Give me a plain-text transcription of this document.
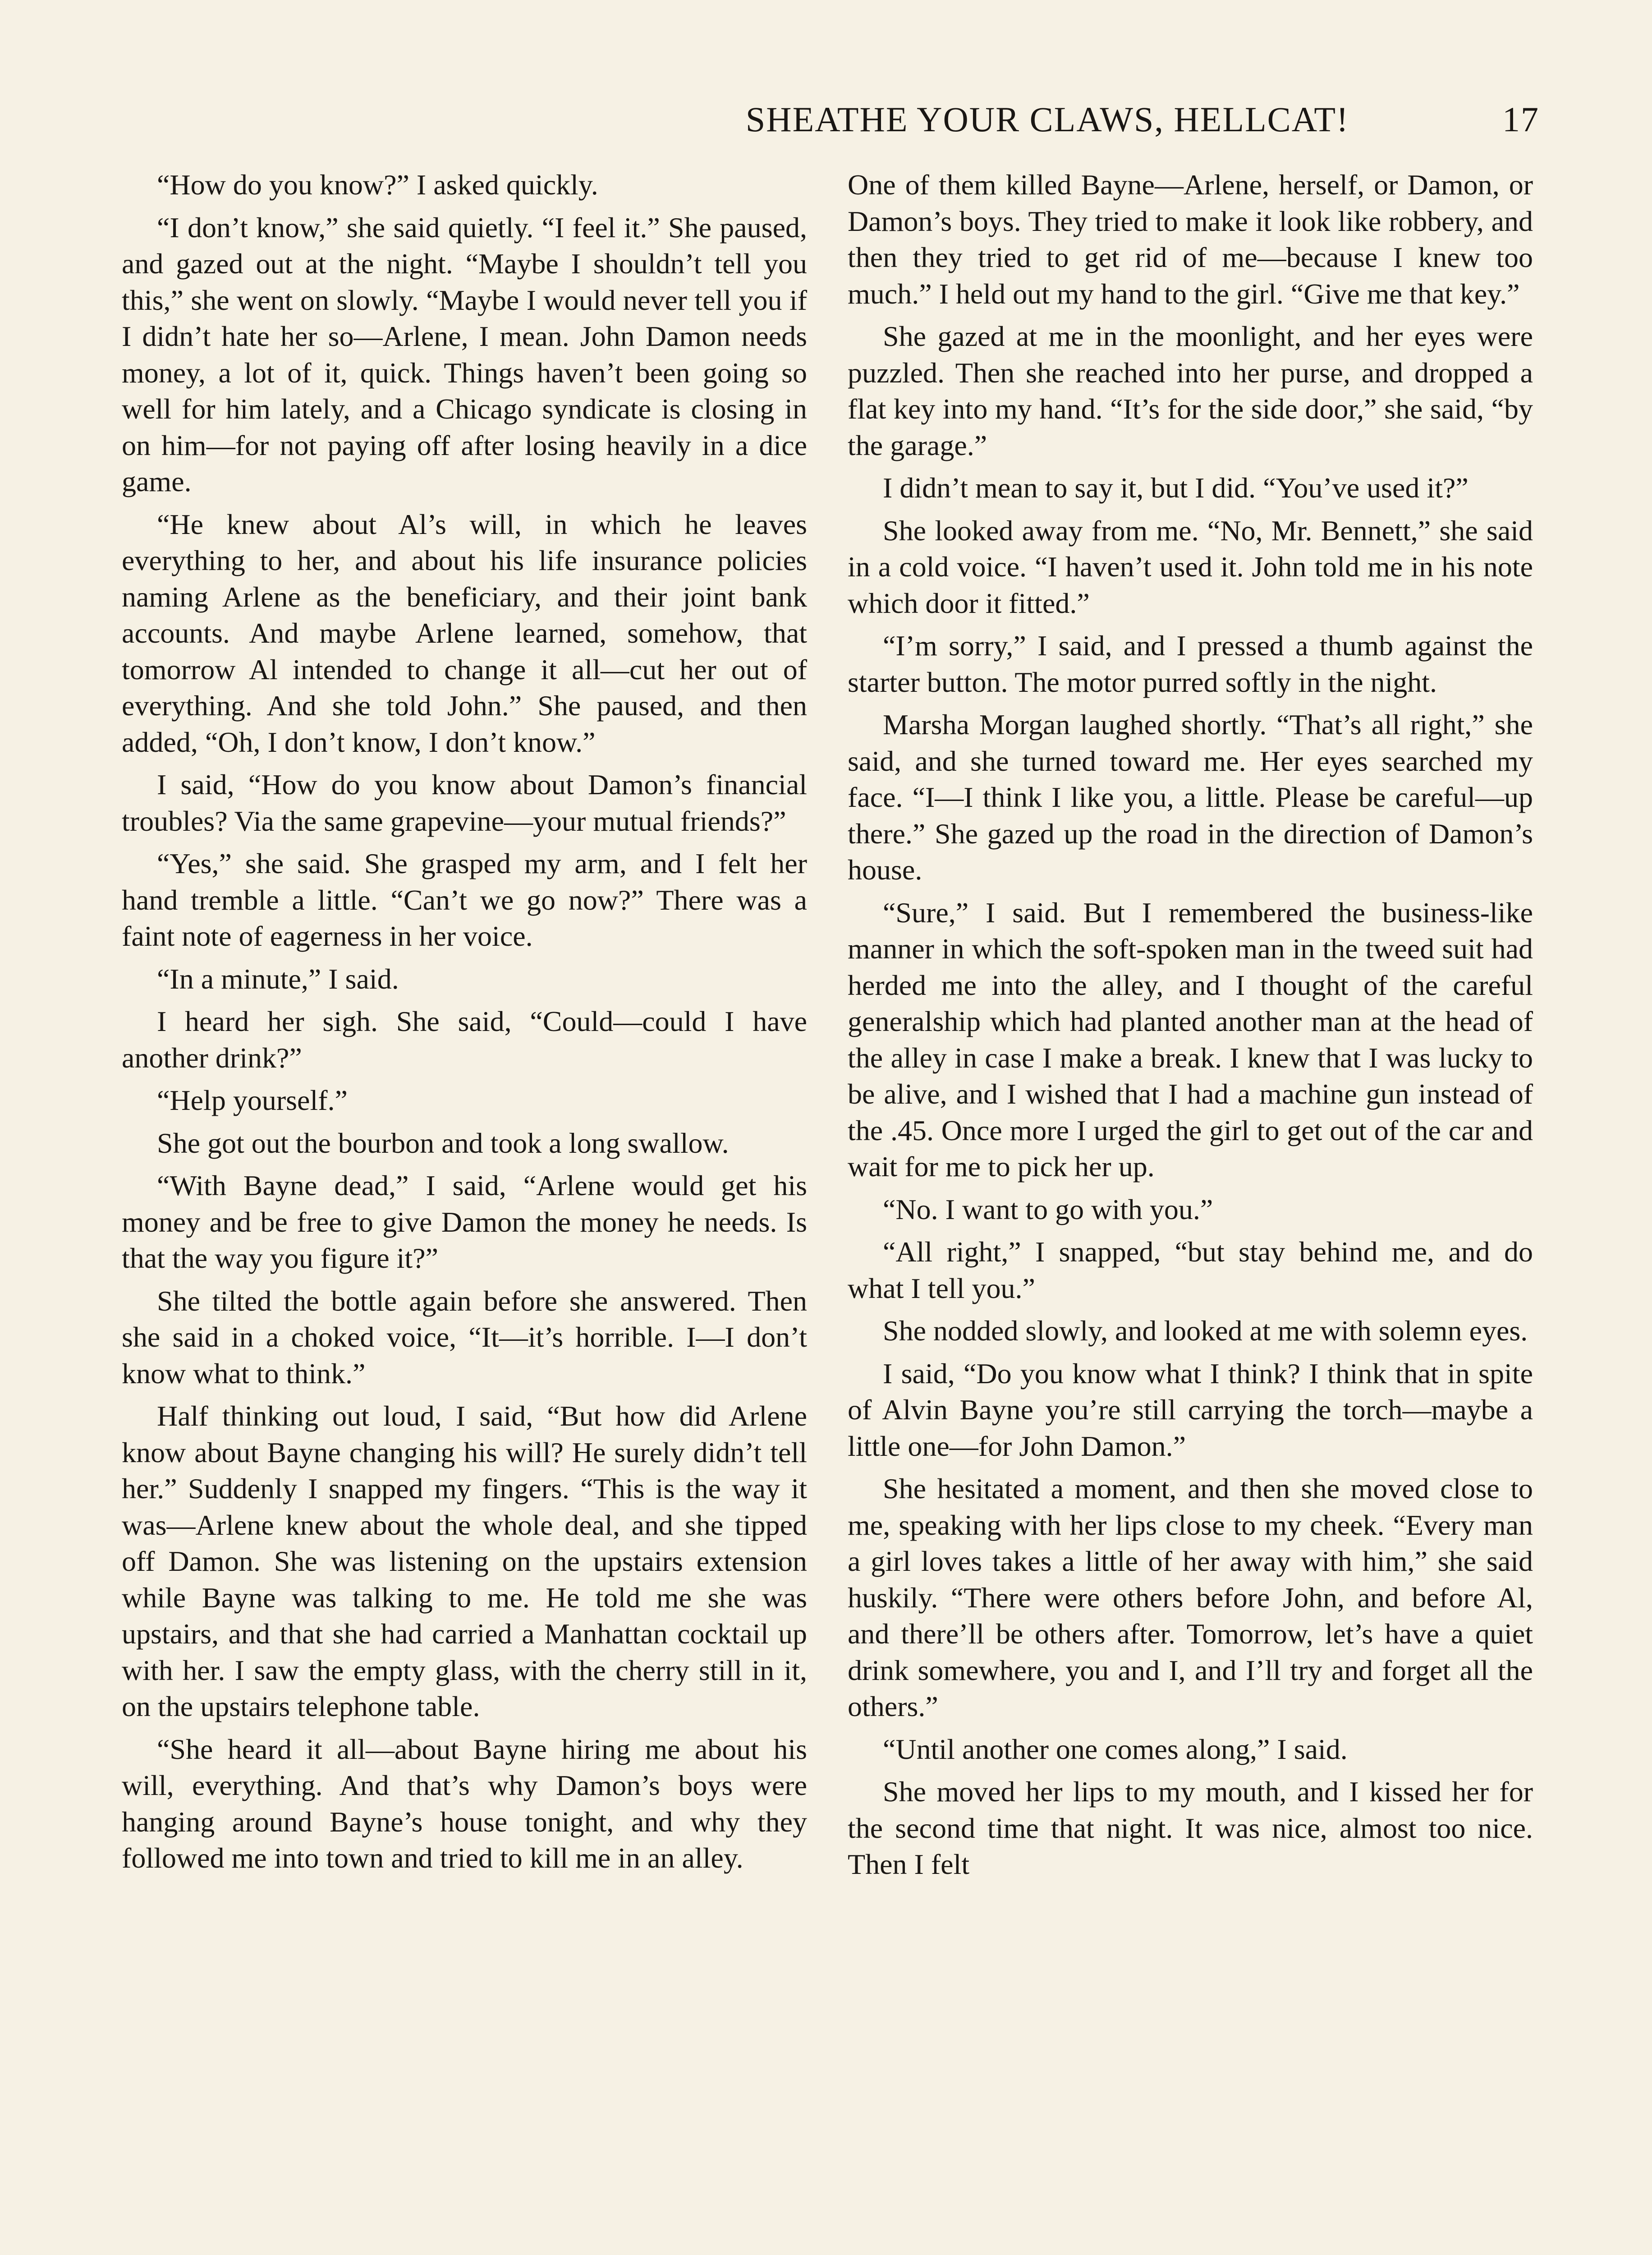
SHEATHE YOUR CLAWS, HELLCAT!	17

“How do you know?” I asked quickly.

“I don’t know,” she said quietly. “I feel it.” She paused, and gazed out at the night. “Maybe I shouldn’t tell you this,” she went on slowly. “Maybe I would never tell you if I didn’t hate her so—Arlene, I mean. John Damon needs money, a lot of it, quick. Things haven’t been going so well for him lately, and a Chicago syndicate is closing in on him—for not paying off after losing heavily in a dice game.

“He knew about Al’s will, in which he leaves everything to her, and about his life insurance policies naming Arlene as the beneficiary, and their joint bank accounts. And maybe Arlene learned, somehow, that tomorrow Al intended to change it all—cut her out of everything. And she told John.” She paused, and then added, “Oh, I don’t know, I don’t know.”

I said, “How do you know about Damon’s financial troubles? Via the same grapevine—your mutual friends?”

“Yes,” she said. She grasped my arm, and I felt her hand tremble a little. “Can’t we go now?” There was a faint note of eagerness in her voice.

“In a minute,” I said.

I heard her sigh. She said, “Could—could I have another drink?”

“Help yourself.”

She got out the bourbon and took a long swallow.

“With Bayne dead,” I said, “Arlene would get his money and be free to give Damon the money he needs. Is that the way you figure it?”

She tilted the bottle again before she answered. Then she said in a choked voice, “It—it’s horrible. I—I don’t know what to think.”

Half thinking out loud, I said, “But how did Arlene know about Bayne changing his will? He surely didn’t tell her.” Suddenly I snapped my fingers. “This is the way it was—Arlene knew about the whole deal, and she tipped off Damon. She was listening on the upstairs extension while Bayne was talking to me. He told me she was upstairs, and that she had carried a Manhattan cocktail up with her. I saw the empty glass, with the cherry still in it, on the upstairs telephone table.

“She heard it all—about Bayne hiring me about his will, everything. And that’s why Damon’s boys were hanging around Bayne’s house tonight, and why they followed me into town and tried to kill me in an alley.

One of them killed Bayne—Arlene, herself, or Damon, or Damon’s boys. They tried to make it look like robbery, and then they tried to get rid of me—because I knew too much.” I held out my hand to the girl. “Give me that key.”

She gazed at me in the moonlight, and her eyes were puzzled. Then she reached into her purse, and dropped a flat key into my hand. “It’s for the side door,” she said, “by the garage.”

I didn’t mean to say it, but I did. “You’ve used it?”

She looked away from me. “No, Mr. Bennett,” she said in a cold voice. “I haven’t used it. John told me in his note which door it fitted.”

“I’m sorry,” I said, and I pressed a thumb against the starter button. The motor purred softly in the night.

Marsha Morgan laughed shortly. “That’s all right,” she said, and she turned toward me. Her eyes searched my face. “I—I think I like you, a little. Please be careful—up there.” She gazed up the road in the direction of Damon’s house.

“Sure,” I said. But I remembered the business-like manner in which the soft-spoken man in the tweed suit had herded me into the alley, and I thought of the careful generalship which had planted another man at the head of the alley in case I make a break. I knew that I was lucky to be alive, and I wished that I had a machine gun instead of the .45. Once more I urged the girl to get out of the car and wait for me to pick her up.

“No. I want to go with you.”

“All right,” I snapped, “but stay behind me, and do what I tell you.”

She nodded slowly, and looked at me with solemn eyes.

I said, “Do you know what I think? I think that in spite of Alvin Bayne you’re still carrying the torch—maybe a little one—for John Damon.”

She hesitated a moment, and then she moved close to me, speaking with her lips close to my cheek. “Every man a girl loves takes a little of her away with him,” she said huskily. “There were others before John, and before Al, and there’ll be others after. Tomorrow, let’s have a quiet drink somewhere, you and I, and I’ll try and forget all the others.”

“Until another one comes along,” I said.

She moved her lips to my mouth, and I kissed her for the second time that night. It was nice, almost too nice. Then I felt
